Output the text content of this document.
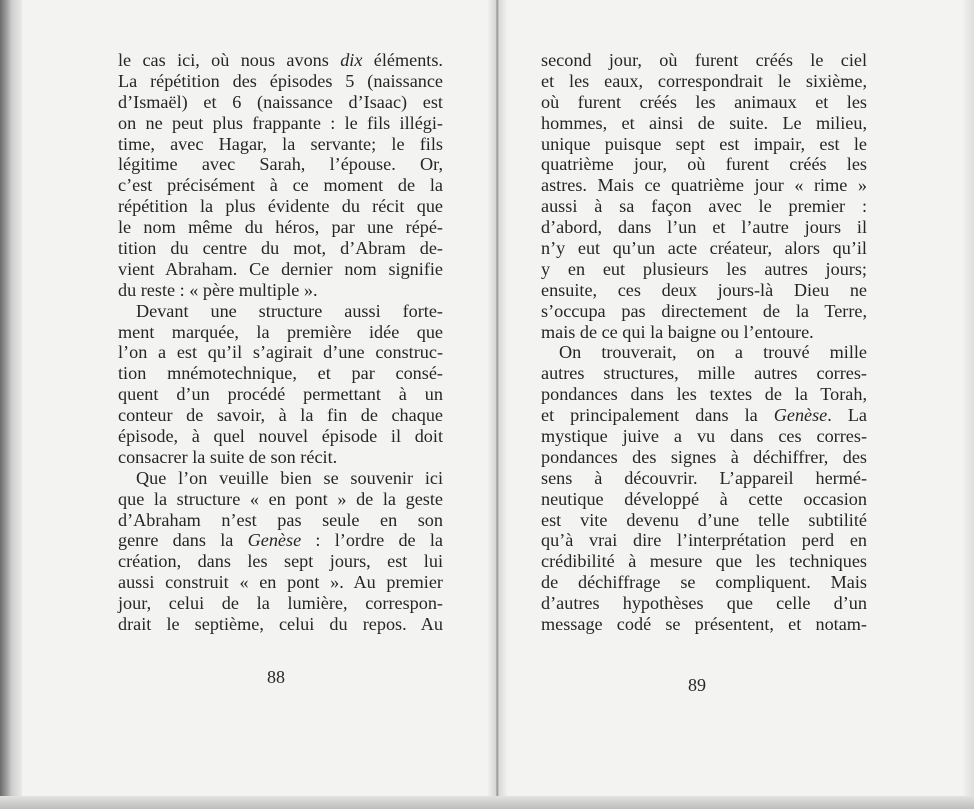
le cas ici, où nous avons dix éléments.
La répétition des épisodes 5 (naissance
d’Ismaël) et 6 (naissance d’Isaac) est
on ne peut plus frappante : le fils illégi-
time, avec Hagar, la servante; le fils
légitime avec Sarah, l’épouse. Or,
c’est précisément à ce moment de la
répétition la plus évidente du récit que
le nom même du héros, par une répé-
tition du centre du mot, d’Abram de-
vient Abraham. Ce dernier nom signifie
du reste : « père multiple ».
Devant une structure aussi forte-
ment marquée, la première idée que
l’on a est qu’il s’agirait d’une construc-
tion mnémotechnique, et par consé-
quent d’un procédé permettant à un
conteur de savoir, à la fin de chaque
épisode, à quel nouvel épisode il doit
consacrer la suite de son récit.
Que l’on veuille bien se souvenir ici
que la structure « en pont » de la geste
d’Abraham n’est pas seule en son
genre dans la Genèse : l’ordre de la
création, dans les sept jours, est lui
aussi construit « en pont ». Au premier
jour, celui de la lumière, correspon-
drait le septième, celui du repos. Au
second jour, où furent créés le ciel
et les eaux, correspondrait le sixième,
où furent créés les animaux et les
hommes, et ainsi de suite. Le milieu,
unique puisque sept est impair, est le
quatrième jour, où furent créés les
astres. Mais ce quatrième jour « rime »
aussi à sa façon avec le premier :
d’abord, dans l’un et l’autre jours il
n’y eut qu’un acte créateur, alors qu’il
y en eut plusieurs les autres jours;
ensuite, ces deux jours-là Dieu ne
s’occupa pas directement de la Terre,
mais de ce qui la baigne ou l’entoure.
On trouverait, on a trouvé mille
autres structures, mille autres corres-
pondances dans les textes de la Torah,
et principalement dans la Genèse. La
mystique juive a vu dans ces corres-
pondances des signes à déchiffrer, des
sens à découvrir. L’appareil hermé-
neutique développé à cette occasion
est vite devenu d’une telle subtilité
qu’à vrai dire l’interprétation perd en
crédibilité à mesure que les techniques
de déchiffrage se compliquent. Mais
d’autres hypothèses que celle d’un
message codé se présentent, et notam-
88	89
